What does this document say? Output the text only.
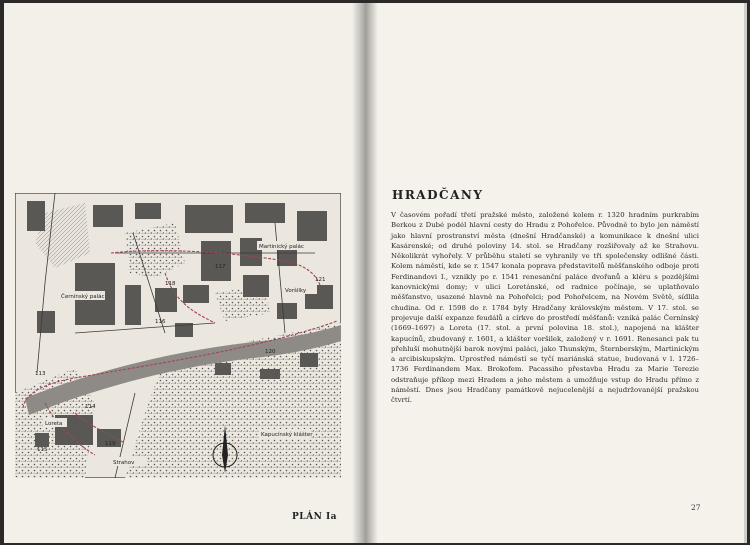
Martinický palác
Černínský palác
Loreta
Kapucínský klášter
Strahov
Voršilky
113
114
115
116
117
118
119
120
121
PLÁN Ia
HRADČANY

V časovém pořadí třetí pražské město, založené kolem r. 1320 hradním purkrabím Berkou z Dubé podél hlavní cesty do Hradu z Pohořelce. Původně to bylo jen náměstí jako hlavní prostranství města (dnešní Hradčanské) a komunikace k dnešní ulici Kasárenské; od druhé poloviny 14. stol. se Hradčany rozšiřovaly až ke Strahovu. Několikrát vyhořely. V průběhu staletí se vyhranily ve tři společensky odlišné části. Kolem náměstí, kde se r. 1547 konala poprava představitelů měšťanského odboje proti Ferdinandovi I., vznikly po r. 1541 renesanční paláce dvořanů a kléru s pozdějšími kanovnickými domy; v ulici Loretánské, od radnice počínaje, se uplatňovalo měšťanstvo, usazené hlavně na Pohořelci; pod Pohořelcem, na Novém Světě, sídlila chudina. Od r. 1598 do r. 1784 byly Hradčany královským městem. V 17. stol. se projevuje další expanze feudálů a církve do prostředí měšťanů: vzniká palác Černínský (1669–1697) a Loreta (17. stol. a první polovina 18. stol.), napojená na klášter kapucínů, zbudovaný r. 1601, a klášter voršilek, založený v r. 1691. Renesanci pak tu přehluší mohutnější barok novými paláci, jako Thunským, Šternberským, Martinickým a arcibiskupským. Uprostřed náměstí se tyčí mariánská statue, budovaná v l. 1726–1736 Ferdinandem Max. Brokofem. Pacassiho přestavba Hradu za Marie Terezie odstraňuje příkop mezi Hradem a jeho městem a umožňuje vstup do Hradu přímo z náměstí. Dnes jsou Hradčany památkově nejucelenější a nejudržovanější pražskou čtvrtí.

27
